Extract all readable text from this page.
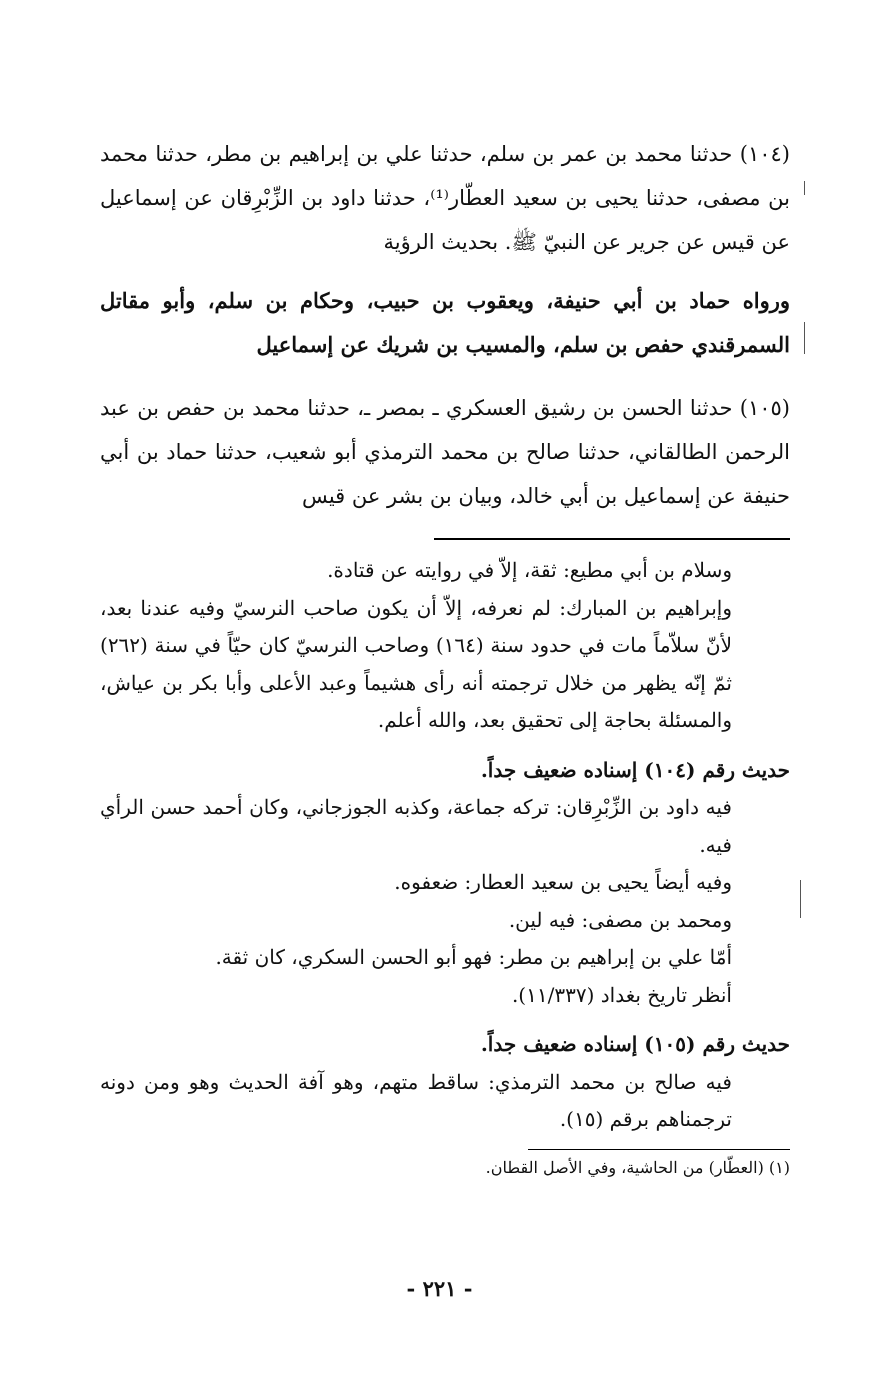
(١٠٤) حدثنا محمد بن عمر بن سلم، حدثنا علي بن إبراهيم بن مطر، حدثنا محمد بن مصفى، حدثنا يحيى بن سعيد العطّار⁽¹⁾، حدثنا داود بن الزِّبْرِقان عن إسماعيل عن قيس عن جرير عن النبيّ ﷺ. بحديث الرؤية

ورواه حماد بن أبي حنيفة، ويعقوب بن حبيب، وحكام بن سلم، وأبو مقاتل السمرقندي حفص بن سلم، والمسيب بن شريك عن إسماعيل

(١٠٥) حدثنا الحسن بن رشيق العسكري ـ بمصر ـ، حدثنا محمد بن حفص بن عبد الرحمن الطالقاني، حدثنا صالح بن محمد الترمذي أبو شعيب، حدثنا حماد بن أبي حنيفة عن إسماعيل بن أبي خالد، وبيان بن بشر عن قيس

وسلام بن أبي مطيع: ثقة، إلاّ في روايته عن قتادة.

وإبراهيم بن المبارك: لم نعرفه، إلاّ أن يكون صاحب النرسيّ وفيه عندنا بعد، لأنّ سلاّماً مات في حدود سنة (١٦٤) وصاحب النرسيّ كان حيّاً في سنة (٢٦٢) ثمّ إنّه يظهر من خلال ترجمته أنه رأى هشيماً وعبد الأعلى وأبا بكر بن عياش، والمسئلة بحاجة إلى تحقيق بعد، والله أعلم.

حديث رقم (١٠٤) إسناده ضعيف جداً.

فيه داود بن الزِّبْرِقان: تركه جماعة، وكذبه الجوزجاني، وكان أحمد حسن الرأي فيه.

وفيه أيضاً يحيى بن سعيد العطار: ضعفوه.

ومحمد بن مصفى: فيه لين.

أمّا علي بن إبراهيم بن مطر: فهو أبو الحسن السكري، كان ثقة.

أنظر تاريخ بغداد (١١/٣٣٧).

حديث رقم (١٠٥) إسناده ضعيف جداً.

فيه صالح بن محمد الترمذي: ساقط متهم، وهو آفة الحديث وهو ومن دونه ترجمناهم برقم (١٥).

(١) (العطّار) من الحاشية، وفي الأصل القطان.

- ٢٢١ -
